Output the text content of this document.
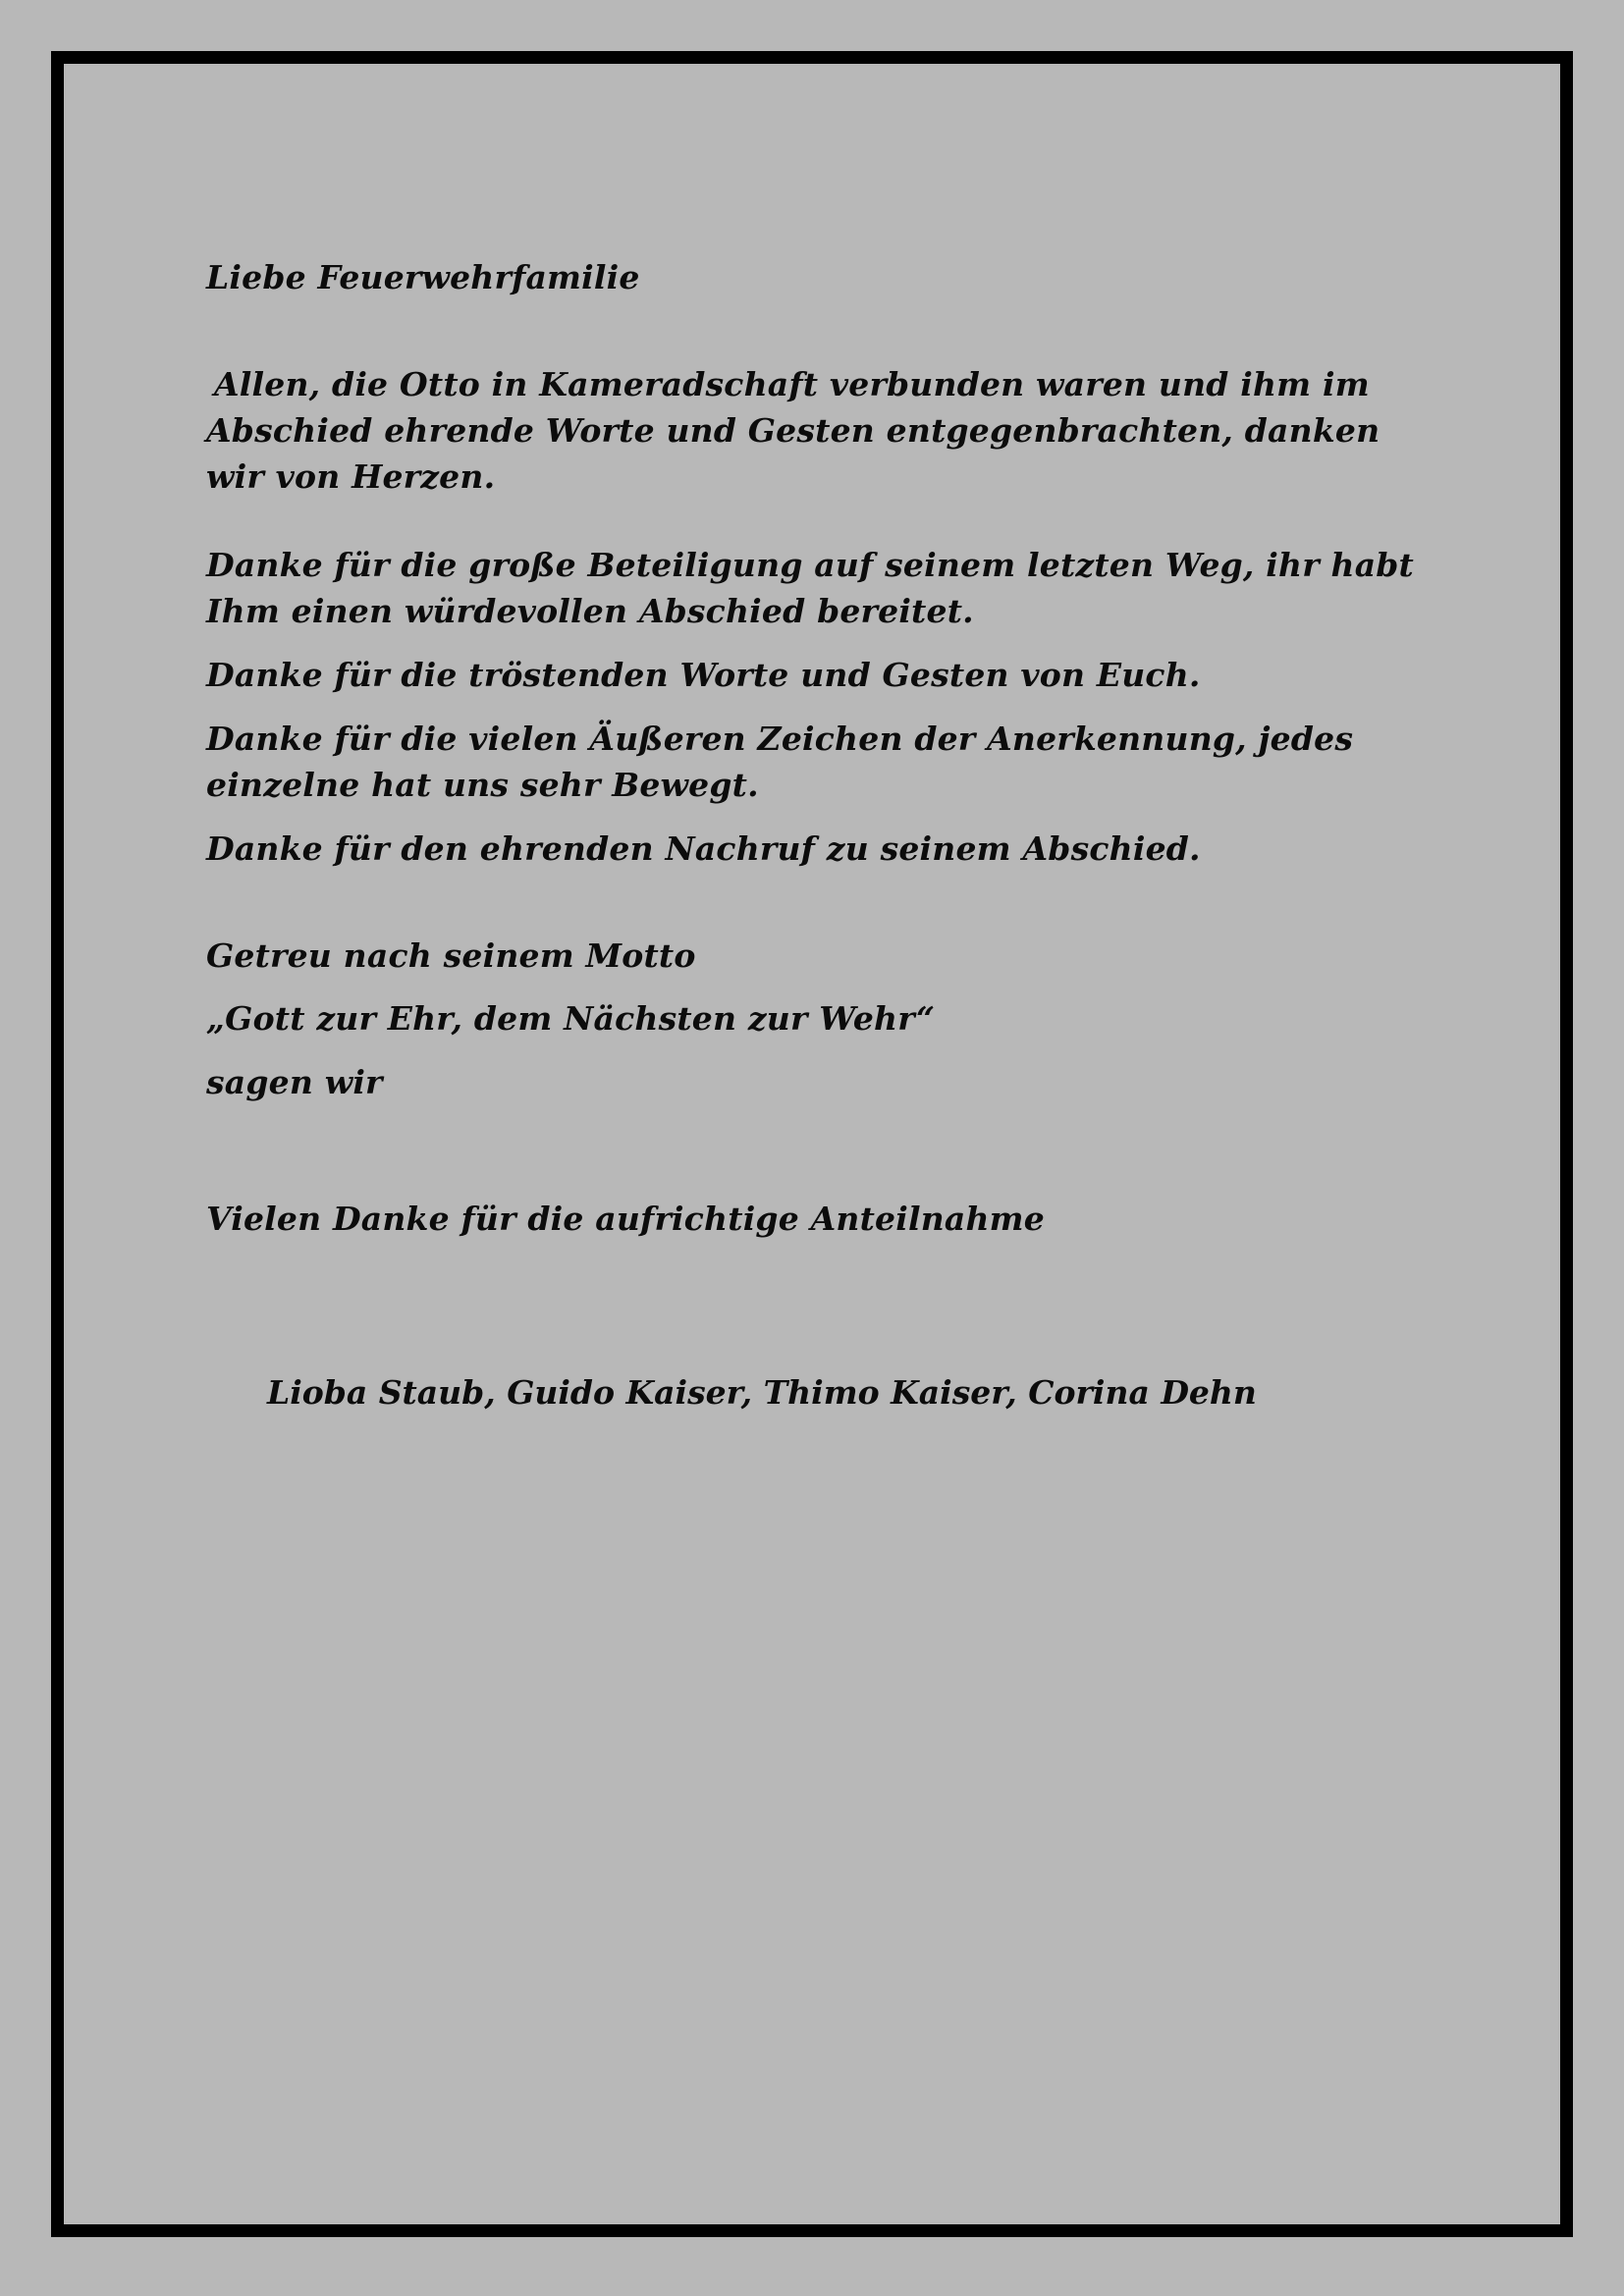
Liebe Feuerwehrfamilie

Allen, die Otto in Kameradschaft verbunden waren und ihm im Abschied ehrende Worte und Gesten entgegenbrachten, danken wir von Herzen.

Danke für die große Beteiligung auf seinem letzten Weg, ihr habt Ihm einen würdevollen Abschied bereitet.

Danke für die tröstenden Worte und Gesten von Euch.

Danke für die vielen Äußeren Zeichen der Anerkennung, jedes einzelne hat uns sehr Bewegt.

Danke für den ehrenden Nachruf zu seinem Abschied.

Getreu nach seinem Motto

„Gott zur Ehr, dem Nächsten zur Wehr“

sagen wir

Vielen Danke für die aufrichtige Anteilnahme

Lioba Staub, Guido Kaiser, Thimo Kaiser, Corina Dehn
